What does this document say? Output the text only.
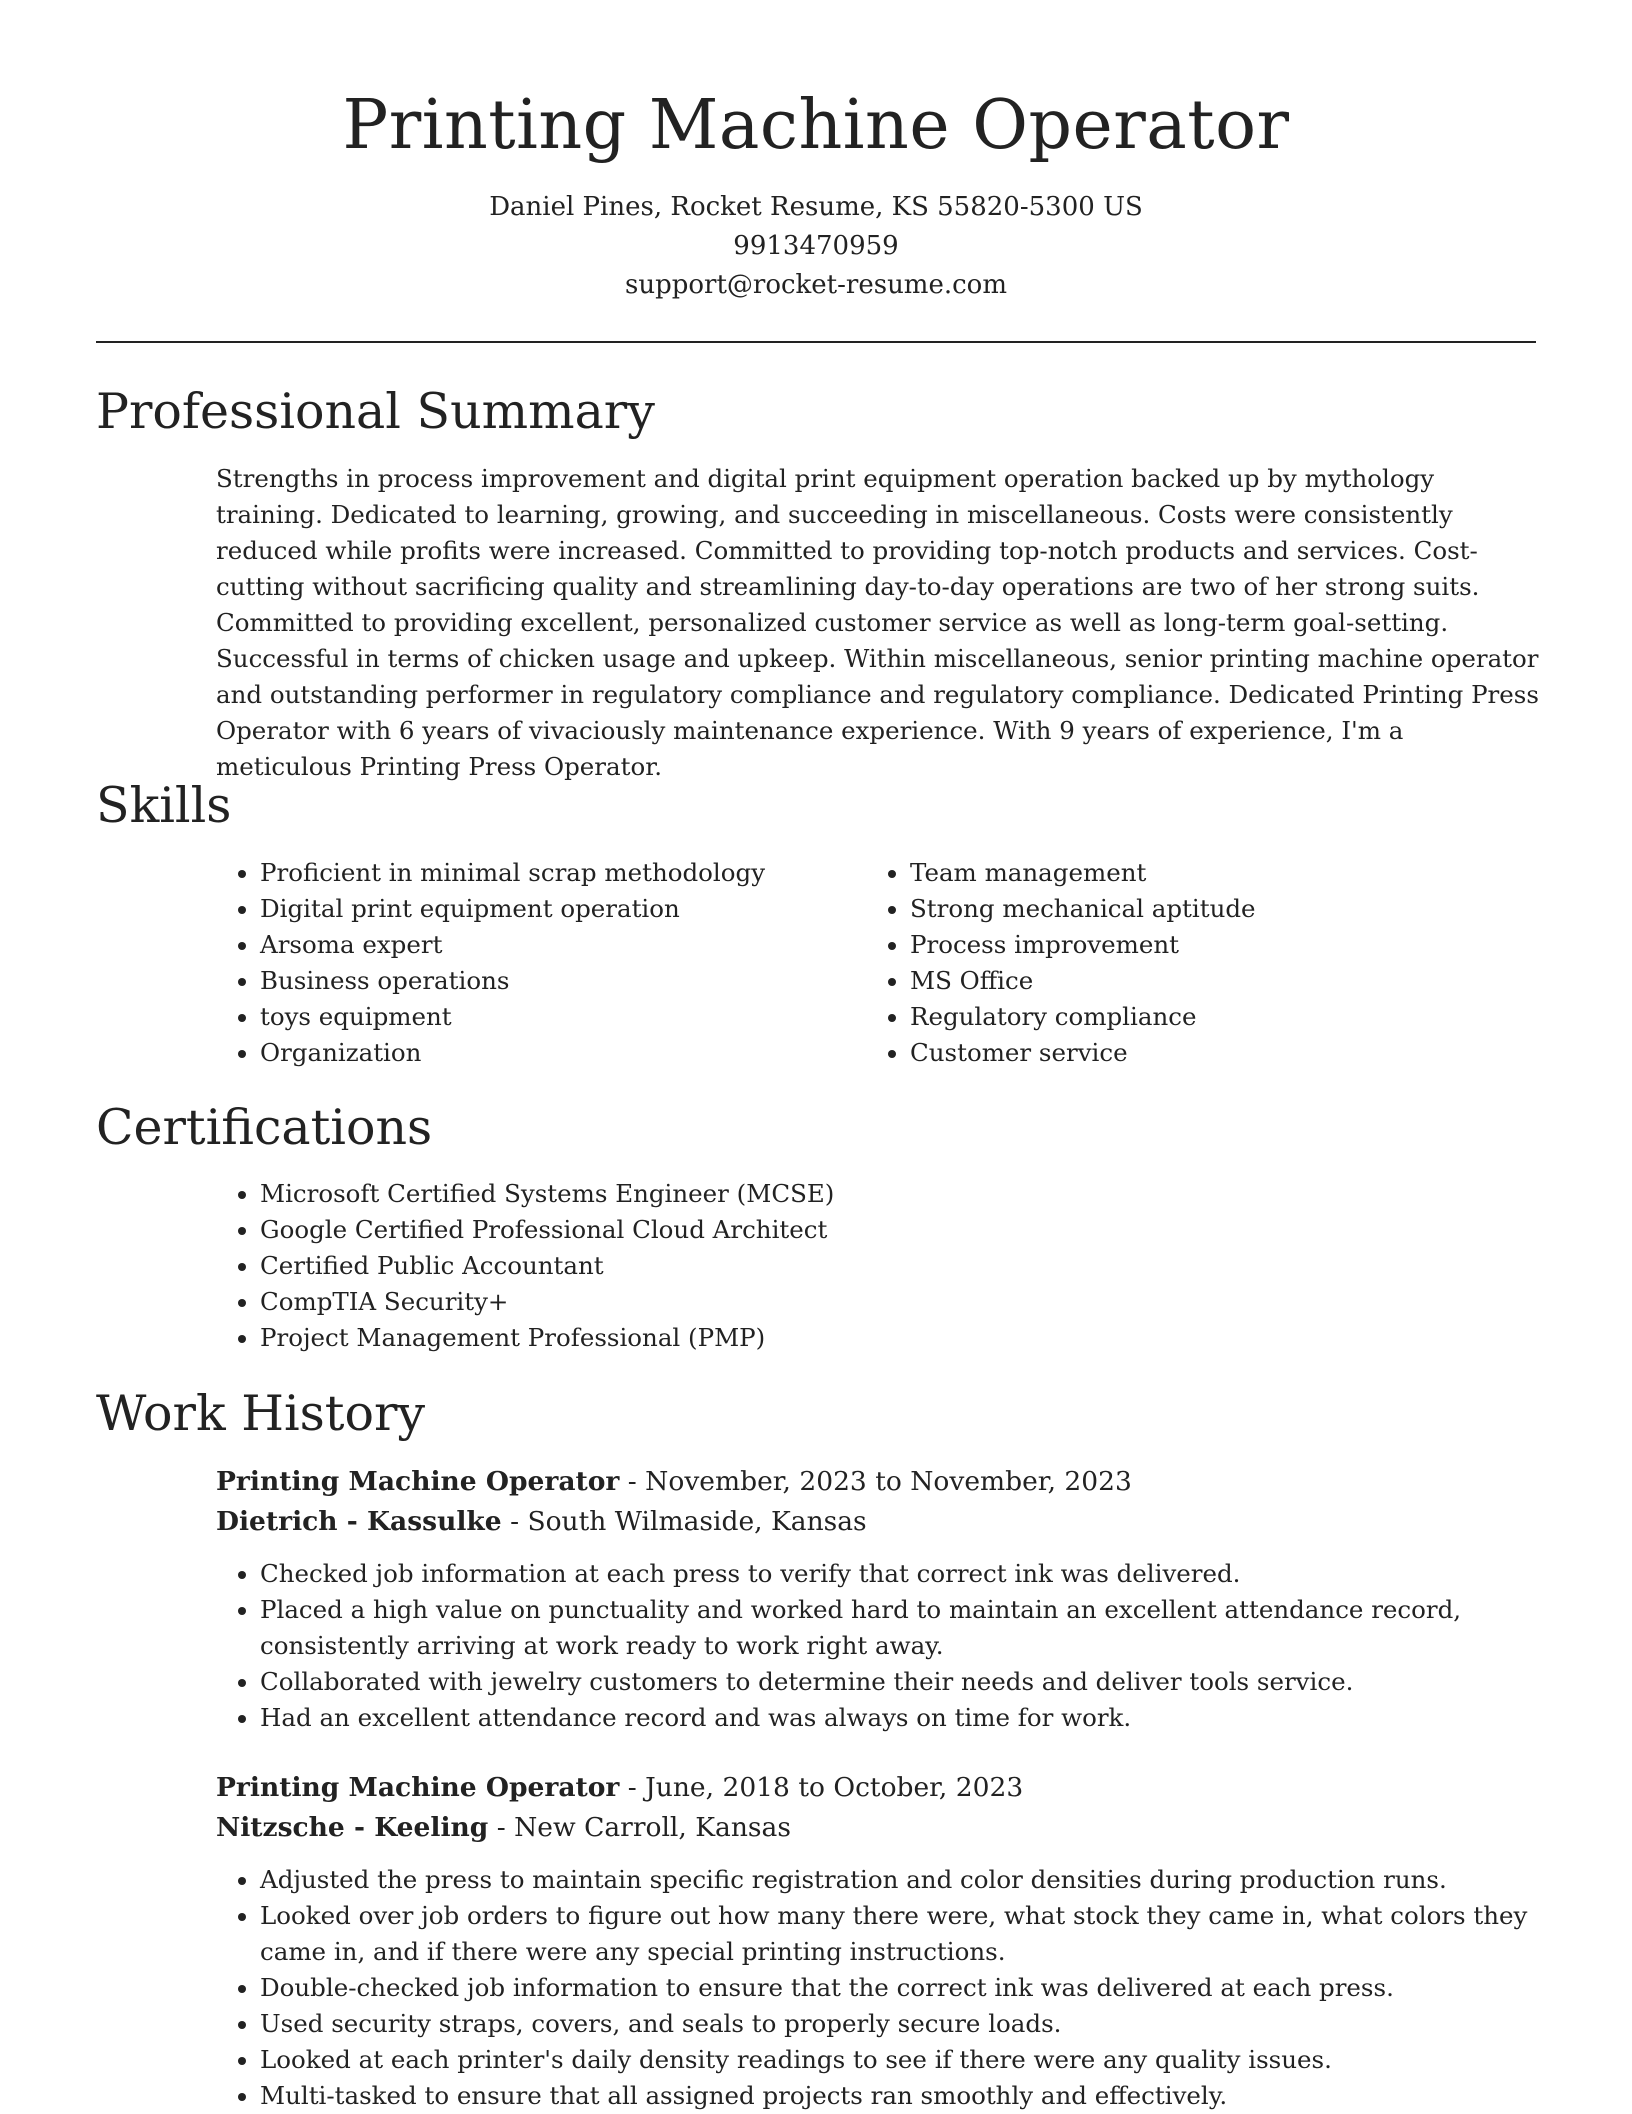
Printing Machine Operator
Daniel Pines, Rocket Resume, KS 55820-5300 US
9913470959
support@rocket-resume.com
Professional Summary

Strengths in process improvement and digital print equipment operation backed up by mythology training. Dedicated to learning, growing, and succeeding in miscellaneous. Costs were consistently reduced while profits were increased. Committed to providing top-notch products and services. Cost-cutting without sacrificing quality and streamlining day-to-day operations are two of her strong suits. Committed to providing excellent, personalized customer service as well as long-term goal-setting. Successful in terms of chicken usage and upkeep. Within miscellaneous, senior printing machine operator and outstanding performer in regulatory compliance and regulatory compliance. Dedicated Printing Press Operator with 6 years of vivaciously maintenance experience. With 9 years of experience, I'm a meticulous Printing Press Operator.

Skills
• Proficient in minimal scrap methodology
• Digital print equipment operation
• Arsoma expert
• Business operations
• toys equipment
• Organization
• Team management
• Strong mechanical aptitude
• Process improvement
• MS Office
• Regulatory compliance
• Customer service
Certifications
• Microsoft Certified Systems Engineer (MCSE)
• Google Certified Professional Cloud Architect
• Certified Public Accountant
• CompTIA Security+
• Project Management Professional (PMP)
Work History
Printing Machine Operator - November, 2023 to November, 2023
Dietrich - Kassulke - South Wilmaside, Kansas
• Checked job information at each press to verify that correct ink was delivered.
• Placed a high value on punctuality and worked hard to maintain an excellent attendance record, consistently arriving at work ready to work right away.
• Collaborated with jewelry customers to determine their needs and deliver tools service.
• Had an excellent attendance record and was always on time for work.
Printing Machine Operator - June, 2018 to October, 2023
Nitzsche - Keeling - New Carroll, Kansas
• Adjusted the press to maintain specific registration and color densities during production runs.
• Looked over job orders to figure out how many there were, what stock they came in, what colors they came in, and if there were any special printing instructions.
• Double-checked job information to ensure that the correct ink was delivered at each press.
• Used security straps, covers, and seals to properly secure loads.
• Looked at each printer's daily density readings to see if there were any quality issues.
• Multi-tasked to ensure that all assigned projects ran smoothly and effectively.
